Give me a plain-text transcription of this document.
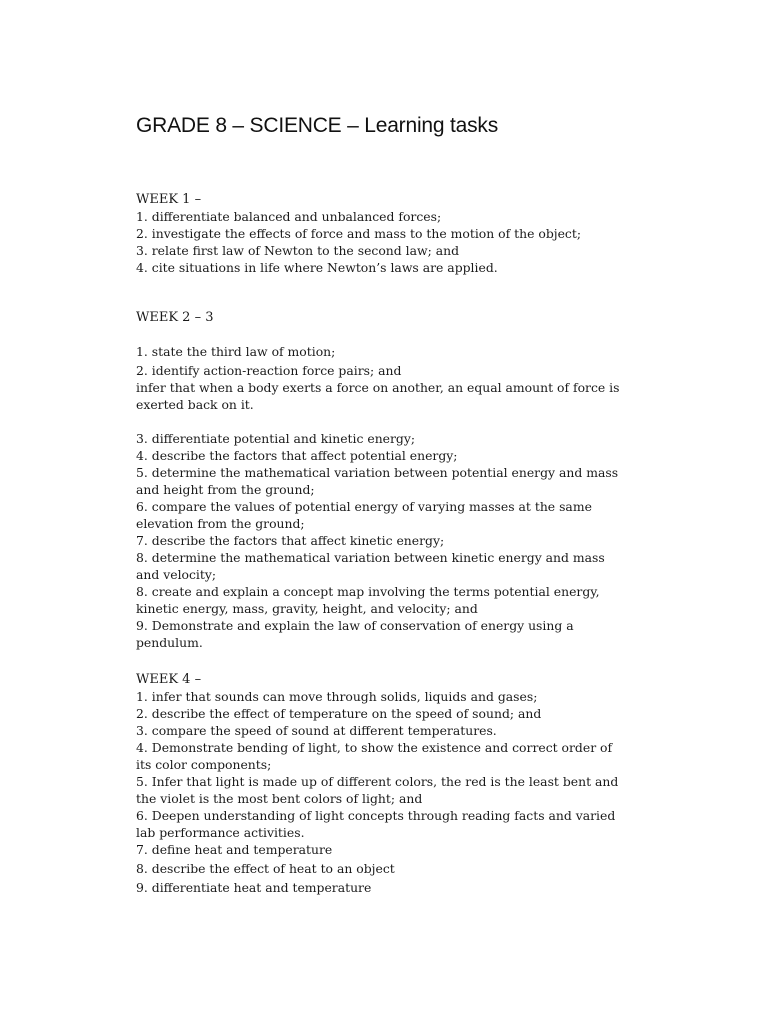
GRADE 8 – SCIENCE – Learning tasks
WEEK 1 –
1. differentiate balanced and unbalanced forces;
2. investigate the effects of force and mass to the motion of the object;
3. relate first law of Newton to the second law; and
4. cite situations in life where Newton’s laws are applied.
WEEK 2 – 3
1. state the third law of motion;
2. identify action-reaction force pairs; and
infer that when a body exerts a force on another, an equal amount of force is
exerted back on it.
3. differentiate potential and kinetic energy;
4. describe the factors that affect potential energy;
5. determine the mathematical variation between potential energy and mass
and height from the ground;
6. compare the values of potential energy of varying masses at the same
elevation from the ground;
7. describe the factors that affect kinetic energy;
8. determine the mathematical variation between kinetic energy and mass
and velocity;
8. create and explain a concept map involving the terms potential energy,
kinetic energy, mass, gravity, height, and velocity; and
9. Demonstrate and explain the law of conservation of energy using a
pendulum.
WEEK 4 –
1. infer that sounds can move through solids, liquids and gases;
2. describe the effect of temperature on the speed of sound; and
3. compare the speed of sound at different temperatures.
4. Demonstrate bending of light, to show the existence and correct order of
its color components;
5. Infer that light is made up of different colors, the red is the least bent and
the violet is the most bent colors of light; and
6. Deepen understanding of light concepts through reading facts and varied
lab performance activities.
7. define heat and temperature
8. describe the effect of heat to an object
9. differentiate heat and temperature
